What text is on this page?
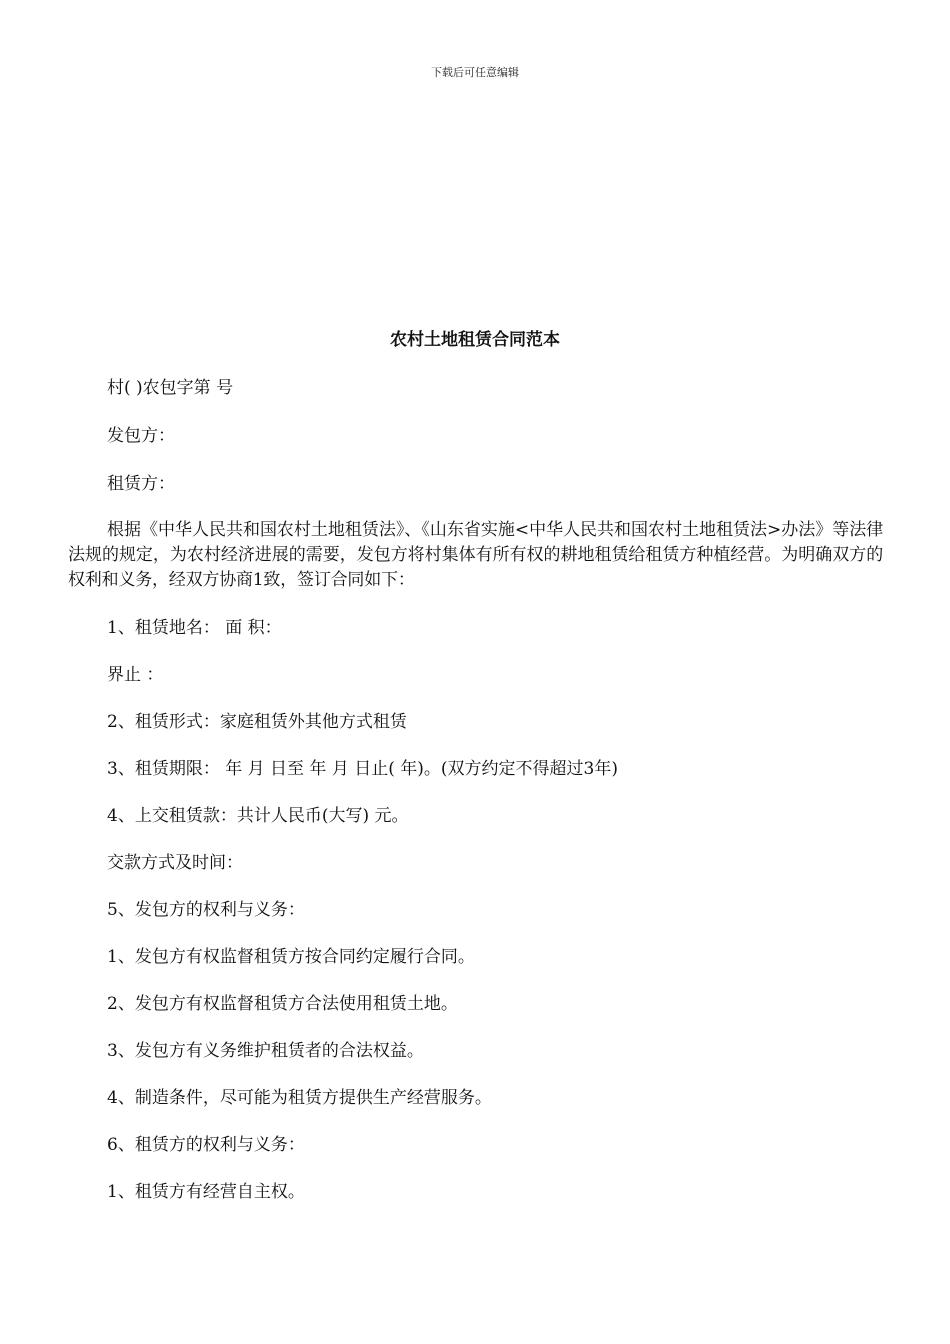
下载后可任意编辑
农村土地租赁合同范本
村( )农包字第 号
发包方：
租赁方：
根据《中华人民共和国农村土地租赁法》、《山东省实施<中华人民共和国农村土地租赁法>办法》等法律法规的规定，为农村经济进展的需要，发包方将村集体有所有权的耕地租赁给租赁方种植经营。为明确双方的权利和义务，经双方协商1致，签订合同如下：
1、租赁地名： 面 积：
界止 ：
2、租赁形式：家庭租赁外其他方式租赁
3、租赁期限： 年 月 日至 年 月 日止( 年)。(双方约定不得超过3年)
4、上交租赁款：共计人民币(大写) 元。
交款方式及时间：
5、发包方的权利与义务：
1、发包方有权监督租赁方按合同约定履行合同。
2、发包方有权监督租赁方合法使用租赁土地。
3、发包方有义务维护租赁者的合法权益。
4、制造条件，尽可能为租赁方提供生产经营服务。
6、租赁方的权利与义务：
1、租赁方有经营自主权。
